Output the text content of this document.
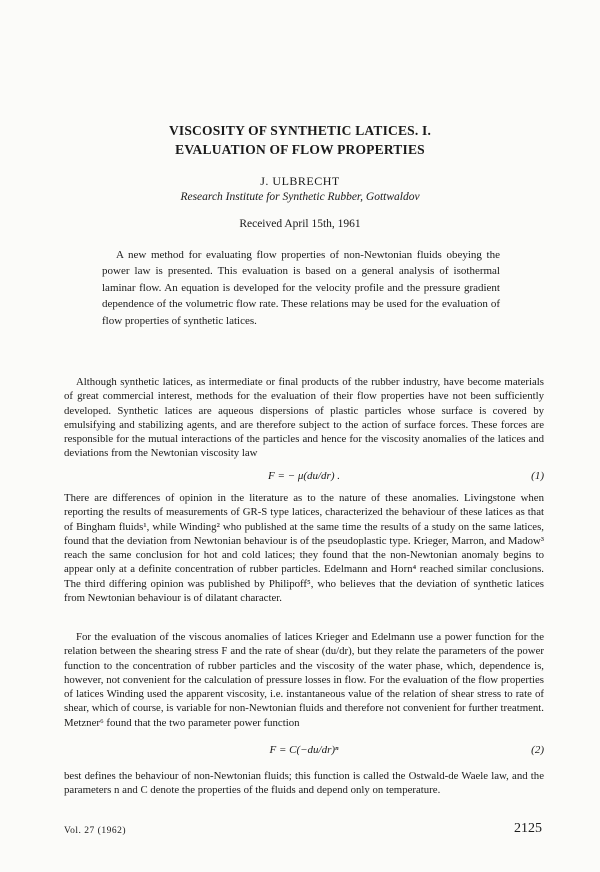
VISCOSITY OF SYNTHETIC LATICES. I.
EVALUATION OF FLOW PROPERTIES
J. ULBRECHT
Research Institute for Synthetic Rubber, Gottwaldov
Received April 15th, 1961

A new method for evaluating flow properties of non-Newtonian fluids obeying the power law is presented. This evaluation is based on a general analysis of isothermal laminar flow. An equation is developed for the velocity profile and the pressure gradient dependence of the volumetric flow rate. These relations may be used for the evaluation of flow properties of synthetic latices.

Although synthetic latices, as intermediate or final products of the rubber industry, have become materials of great commercial interest, methods for the evaluation of their flow properties have not been sufficiently developed. Synthetic latices are aqueous dispersions of plastic particles whose surface is covered by emulsifying and stabilizing agents, and are therefore subject to the action of surface forces. These forces are responsible for the mutual interactions of the particles and hence for the viscosity anomalies of the latices and deviations from the Newtonian viscosity law

F = − μ(du/dr) .	(1)

There are differences of opinion in the literature as to the nature of these anomalies. Livingstone when reporting the results of measurements of GR-S type latices, characterized the behaviour of these latices as that of Bingham fluids¹, while Winding² who published at the same time the results of a study on the same latices, found that the deviation from Newtonian behaviour is of the pseudoplastic type. Krieger, Marron, and Madow³ reach the same conclusion for hot and cold latices; they found that the non-Newtonian anomaly begins to appear only at a definite concentration of rubber particles. Edelmann and Horn⁴ reached similar conclusions. The third differing opinion was published by Philipoff⁵, who believes that the deviation of synthetic latices from Newtonian behaviour is of dilatant character.

For the evaluation of the viscous anomalies of latices Krieger and Edelmann use a power function for the relation between the shearing stress F and the rate of shear (du/dr), but they relate the parameters of the power function to the concentration of rubber particles and the viscosity of the water phase, which, dependence is, however, not convenient for the calculation of pressure losses in flow. For the evaluation of the flow properties of latices Winding used the apparent viscosity, i.e. instantaneous value of the relation of shear stress to rate of shear, which of course, is variable for non-Newtonian fluids and therefore not convenient for further treatment. Metzner⁶ found that the two parameter power function

F = C(−du/dr)ⁿ	(2)

best defines the behaviour of non-Newtonian fluids; this function is called the Ostwald-de Waele law, and the parameters n and C denote the properties of the fluids and depend only on temperature.

Vol. 27 (1962)	2125
